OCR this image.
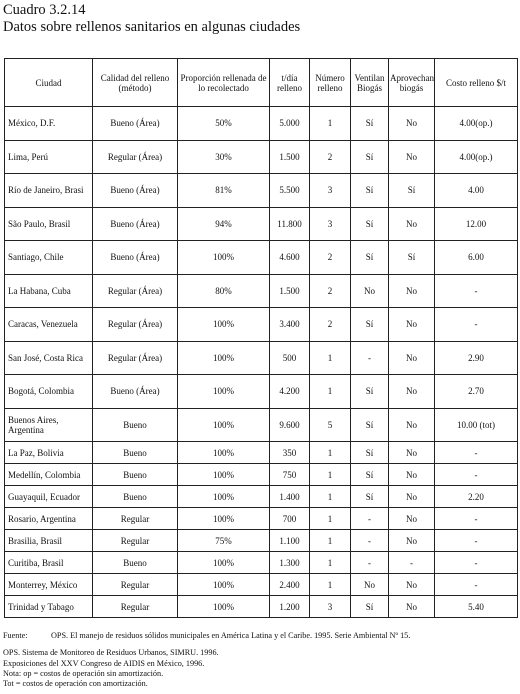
Cuadro 3.2.14
Datos sobre rellenos sanitarios en algunas ciudades
Ciudad	Calidad del relleno (método)	Proporción rellenada de lo recolectado	t/día relleno	Número relleno	Ventilan Biogás	Aprovechan biogás	Costo relleno $/t
México, D.F.	Bueno (Área)	50%	5.000	1	Sí	No	4.00(op.)
Lima, Perú	Regular (Área)	30%	1.500	2	Sí	No	4.00(op.)
Río de Janeiro, Brasi	Bueno (Área)	81%	5.500	3	Sí	Sí	4.00
São Paulo, Brasil	Bueno (Área)	94%	11.800	3	Sí	No	12.00
Santiago, Chile	Bueno (Área)	100%	4.600	2	Sí	Sí	6.00
La Habana, Cuba	Regular (Área)	80%	1.500	2	No	No	-
Caracas, Venezuela	Regular (Área)	100%	3.400	2	Sí	No	-
San José, Costa Rica	Regular (Área)	100%	500	1	-	No	2.90
Bogotá, Colombia	Bueno (Área)	100%	4.200	1	Sí	No	2.70
Buenos Aires, Argentina	Bueno	100%	9.600	5	Sí	No	10.00 (tot)
La Paz, Bolivia	Bueno	100%	350	1	Sí	No	-
Medellín, Colombia	Bueno	100%	750	1	Sí	No	-
Guayaquil, Ecuador	Bueno	100%	1.400	1	Sí	No	2.20
Rosario, Argentina	Regular	100%	700	1	-	No	-
Brasilia, Brasil	Regular	75%	1.100	1	-	No	-
Curitiba, Brasil	Bueno	100%	1.300	1	-	-	-
Monterrey, México	Regular	100%	2.400	1	No	No	-
Trinidad y Tabago	Regular	100%	1.200	3	Sí	No	5.40
Fuente:	OPS. El manejo de residuos sólidos municipales en América Latina y el Caribe. 1995. Serie Ambiental Nº 15.
OPS. Sistema de Monitoreo de Residuos Urbanos, SIMRU. 1996.
Exposiciones del XXV Congreso de AIDIS en México, 1996.
Nota: op = costos de operación sin amortización.
Tot = costos de operación con amortización.
